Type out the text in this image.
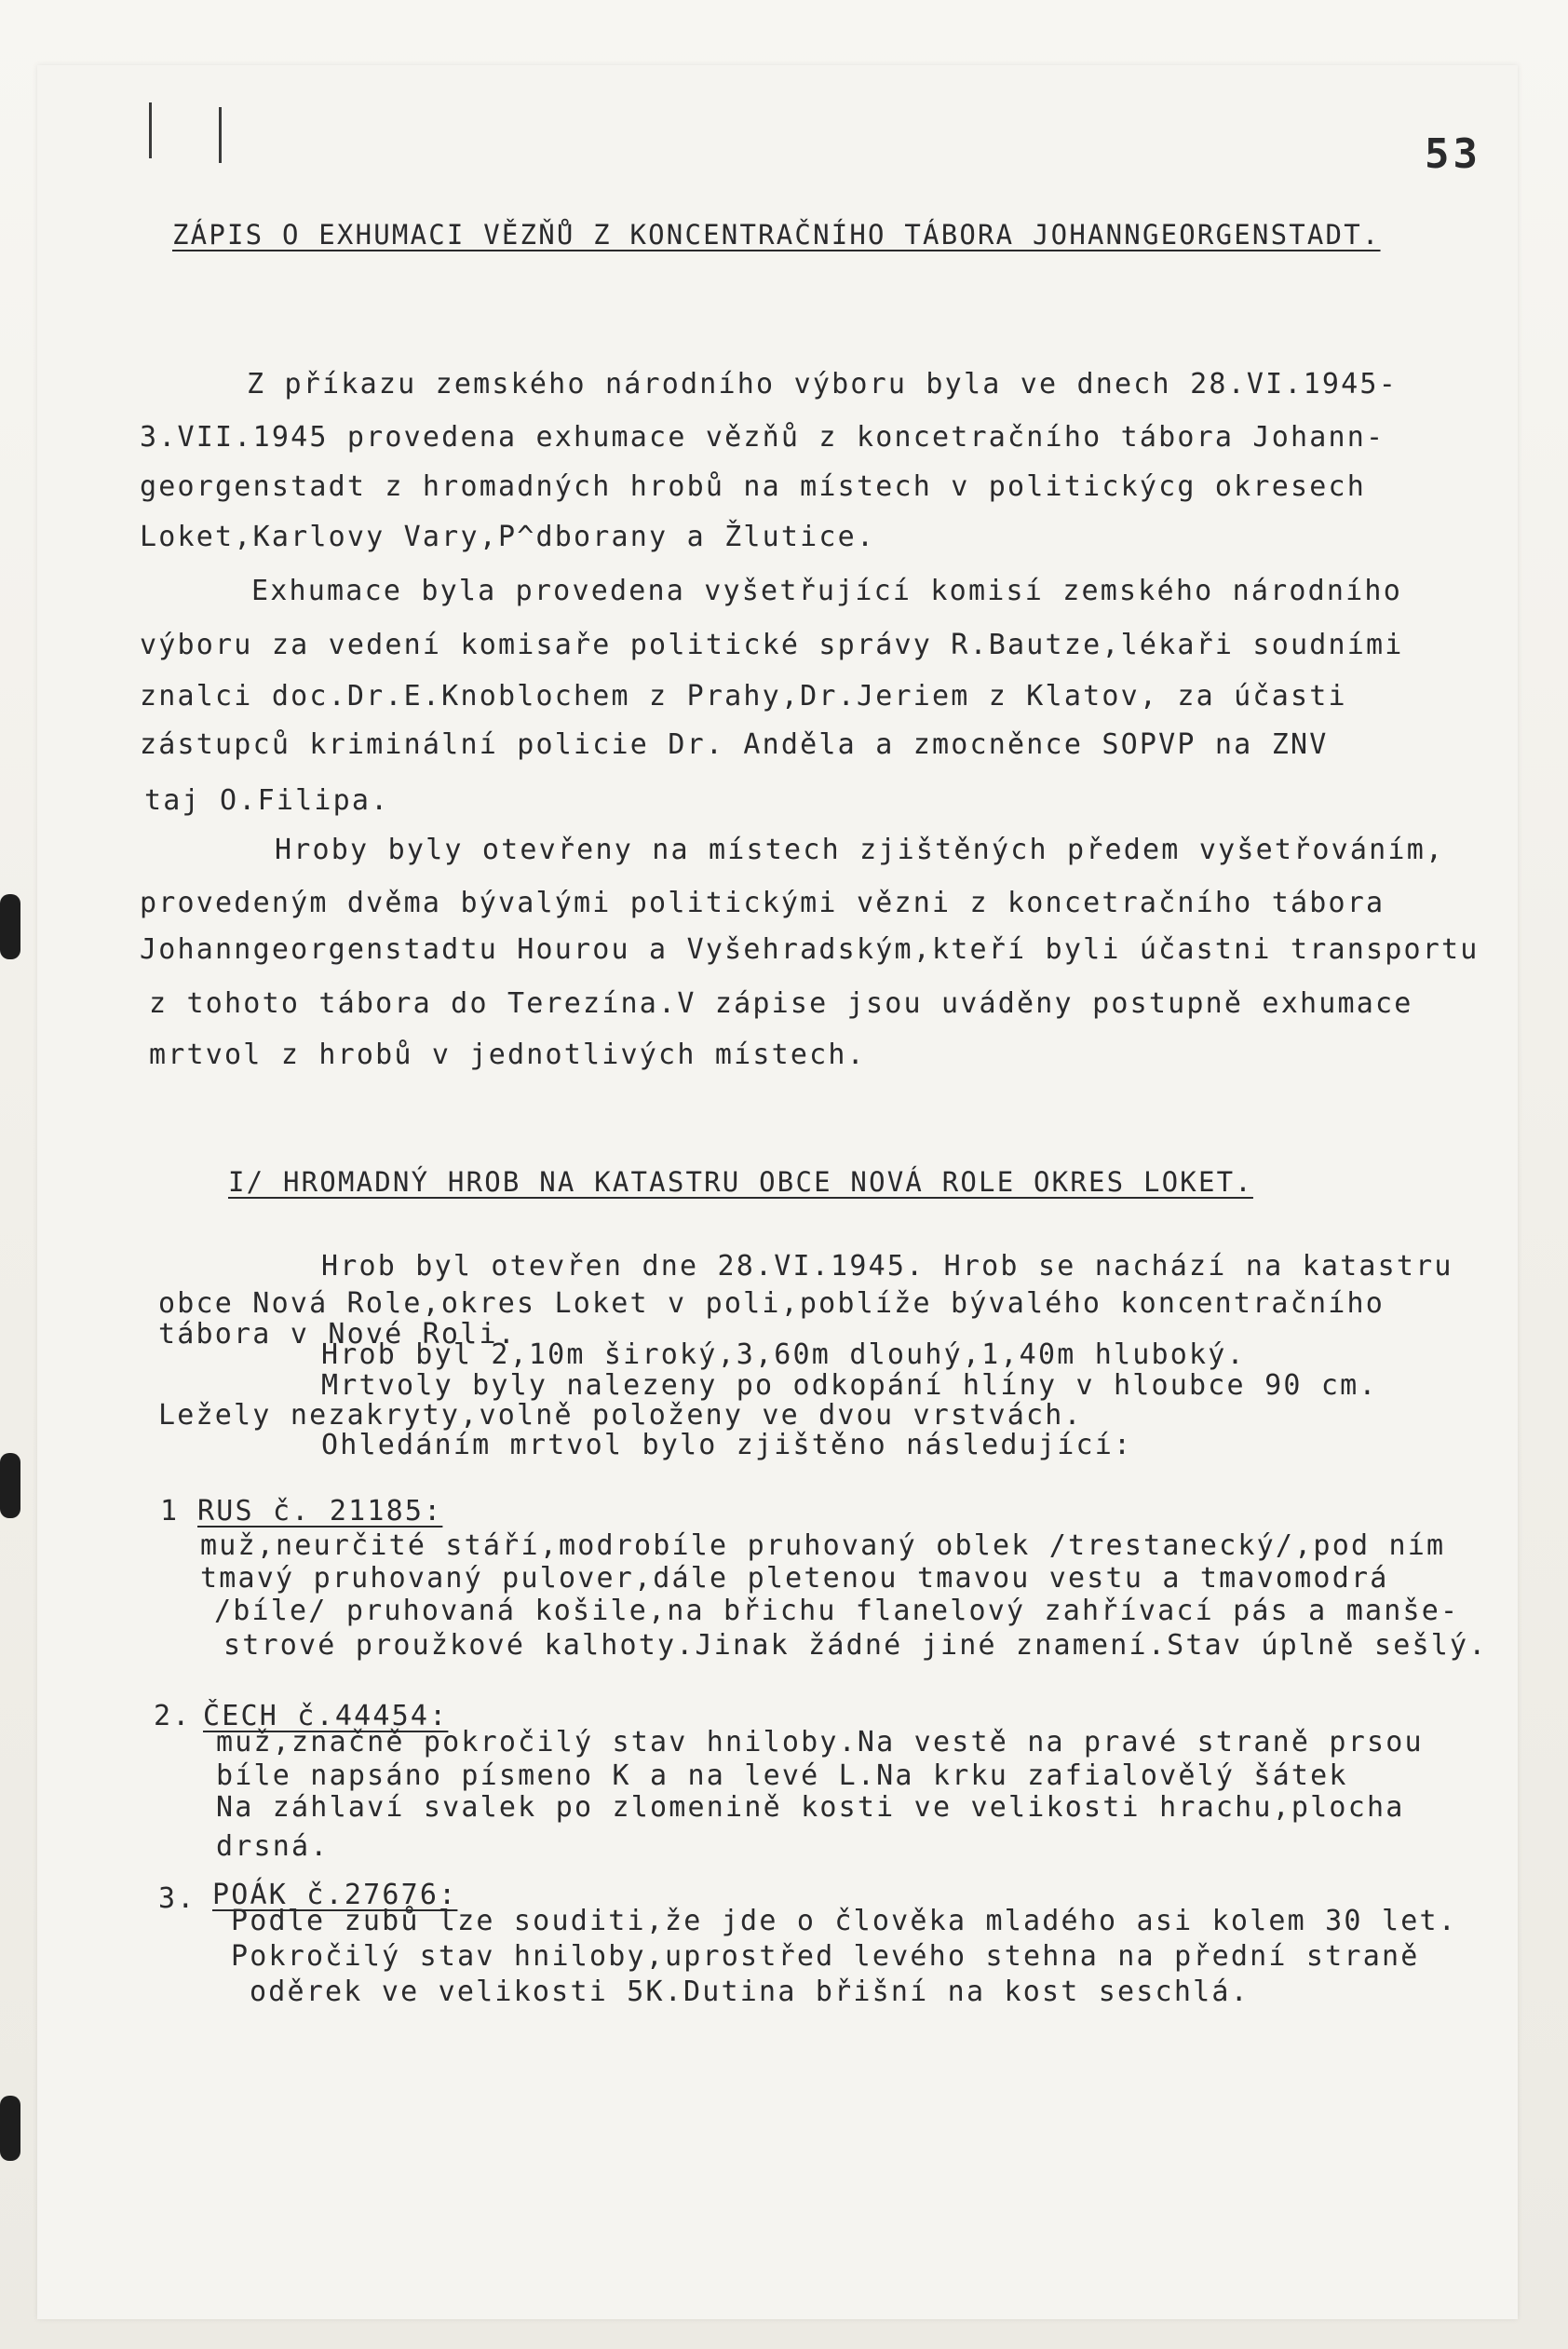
53
ZÁPIS O EXHUMACI VĚZŇŮ Z KONCENTRAČNÍHO TÁBORA JOHANNGEORGENSTADT.
Z příkazu zemského národního výboru byla ve dnech 28.VI.1945-
3.VII.1945 provedena exhumace vězňů z koncetračního tábora Johann-
georgenstadt z hromadných hrobů na místech v politickýcg okresech
Loket,Karlovy Vary,P^dborany a Žlutice.
Exhumace byla provedena vyšetřující komisí zemského národního
výboru za vedení komisaře politické správy R.Bautze,lékaři soudními
znalci doc.Dr.E.Knoblochem z Prahy,Dr.Jeriem z Klatov, za účasti
zástupců kriminální policie Dr. Anděla a zmocněnce SOPVP na ZNV
taj O.Filipa.
Hroby byly otevřeny na místech zjištěných předem vyšetřováním,
provedeným dvěma bývalými politickými vězni z koncetračního tábora
Johanngeorgenstadtu Hourou a Vyšehradským,kteří byli účastni transportu
z tohoto tábora do Terezína.V zápise jsou uváděny postupně exhumace
mrtvol z hrobů v jednotlivých místech.
I/ HROMADNÝ HROB NA KATASTRU OBCE NOVÁ ROLE OKRES LOKET.
Hrob byl otevřen dne 28.VI.1945. Hrob se nachází na katastru
obce Nová Role,okres Loket v poli,poblíže bývalého koncentračního
tábora v Nové Roli.
Hrob byl 2,10m široký,3,60m dlouhý,1,40m hluboký.
Mrtvoly byly nalezeny po odkopání hlíny v hloubce 90 cm.
Ležely nezakryty,volně položeny ve dvou vrstvách.
Ohledáním mrtvol bylo zjištěno následující:
1 RUS č. 21185:
muž,neurčité stáří,modrobíle pruhovaný oblek /trestanecký/,pod ním
tmavý pruhovaný pulover,dále pletenou tmavou vestu a tmavomodrá
/bíle/ pruhovaná košile,na břichu flanelový zahřívací pás a manše-
strové proužkové kalhoty.Jinak žádné jiné znamení.Stav úplně sešlý.
2. ČECH č.44454:
muž,značně pokročilý stav hniloby.Na vestě na pravé straně prsou
bíle napsáno písmeno K a na levé L.Na krku zafialovělý šátek
Na záhlaví svalek po zlomenině kosti ve velikosti hrachu,plocha
drsná.
3. POÁK č.27676:
Podle zubů lze souditi,že jde o člověka mladého asi kolem 30 let.
Pokročilý stav hniloby,uprostřed levého stehna na přední straně
oděrek ve velikosti 5K.Dutina břišní na kost seschlá.
